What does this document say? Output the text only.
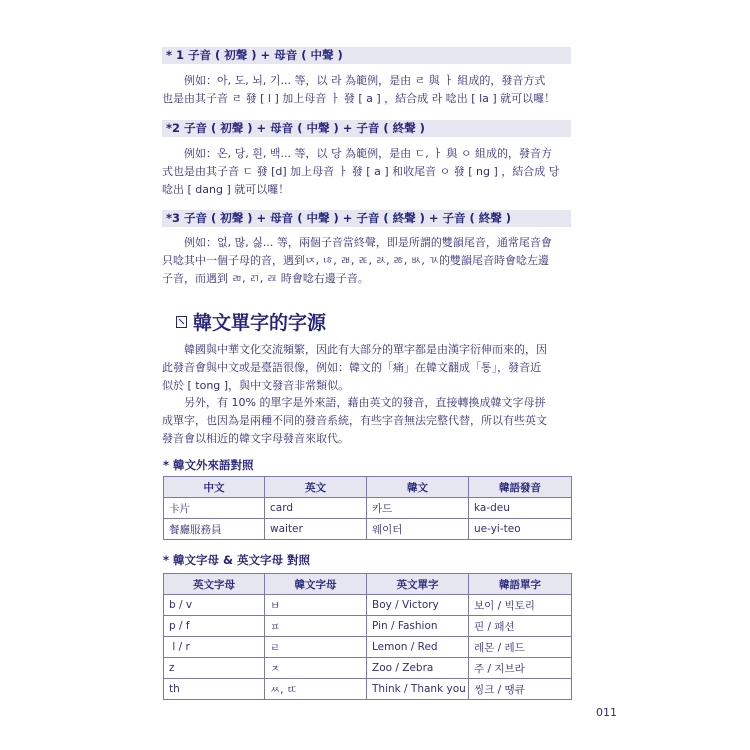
* 1 子音 ( 初聲 ) + 母音 ( 中聲 )
例如：아, 도, 뇌, 기... 等，以 라 為範例，是由 ㄹ 與 ㅏ 組成的，發音方式
也是由其子音 ㄹ 發 [ l ] 加上母音 ㅏ 發 [ a ] ，結合成 라 唸出 [ la ] 就可以囉！
*2 子音 ( 初聲 ) + 母音 ( 中聲 ) + 子音 ( 終聲 )
例如：온, 당, 흰, 백... 等，以 당 為範例，是由 ㄷ, ㅏ 與 ㅇ 組成的，發音方
式也是由其子音 ㄷ 發 [d] 加上母音 ㅏ 發 [ a ] 和收尾音 ㅇ 發 [ ng ] ，結合成 당
唸出 [ dang ] 就可以囉！
*3 子音 ( 初聲 ) + 母音 ( 中聲 ) + 子音 ( 終聲 ) + 子音 ( 終聲 )
例如：없, 많, 싫... 等，兩個子音當終聲，即是所謂的雙韻尾音，通常尾音會
只唸其中一個子母的音，遇到ㄵ, ㄶ, ㄼ, ㄾ, ㄽ, ㅀ, ㅄ, ㄳ的雙韻尾音時會唸左邊
子音，而遇到 ㄻ, ㄺ, ㄿ 時會唸右邊子音。
韓文單字的字源
韓國與中華文化交流頻繁，因此有大部分的單字都是由漢字衍伸而來的，因
此發音會與中文或是臺語很像，例如：韓文的「痛」在韓文翻成「통」，發音近
似於 [ tong ]，與中文發音非常類似。
另外，有 10% 的單字是外來語，藉由英文的發音，直接轉換成韓文字母拼
成單字，也因為是兩種不同的發音系統，有些字音無法完整代替，所以有些英文
發音會以相近的韓文字母發音來取代。
* 韓文外來語對照
中文	英文	韓文	韓語發音
卡片	card	카드	ka-deu
餐廳服務員	waiter	웨이터	ue-yi-teo
* 韓文字母 & 英文字母 對照
英文字母	韓文字母	英文單字	韓語單字
b / v	ㅂ	Boy / Victory	보이 / 빅토리
p / f	ㅍ	Pin / Fashion	핀 / 패션
l / r	ㄹ	Lemon / Red	레몬 / 레드
z	ㅈ	Zoo / Zebra	주 / 지브라
th	ㅆ, ㄸ	Think / Thank you	씽크 / 땡큐
011
